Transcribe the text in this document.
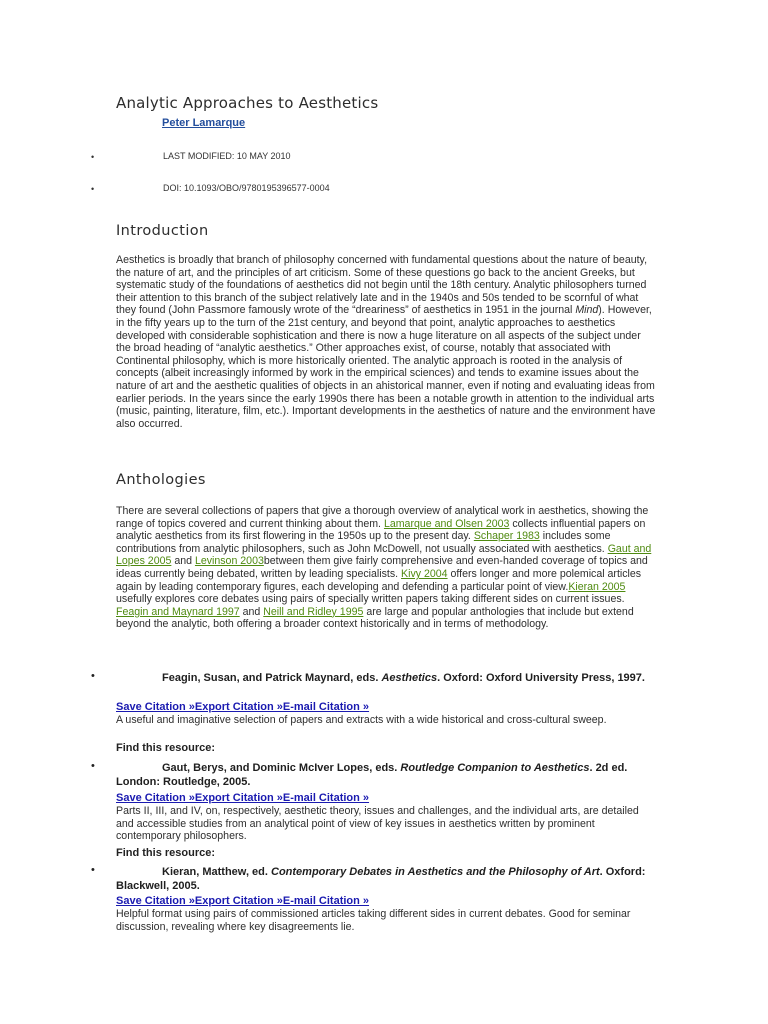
Analytic Approaches to Aesthetics
Peter Lamarque
•	LAST MODIFIED: 10 MAY 2010
•	DOI: 10.1093/OBO/9780195396577-0004
Introduction

Aesthetics is broadly that branch of philosophy concerned with fundamental questions about the nature of beauty, the nature of art, and the principles of art criticism. Some of these questions go back to the ancient Greeks, but systematic study of the foundations of aesthetics did not begin until the 18th century. Analytic philosophers turned their attention to this branch of the subject relatively late and in the 1940s and 50s tended to be scornful of what they found (John Passmore famously wrote of the “dreariness” of aesthetics in 1951 in the journal Mind). However, in the fifty years up to the turn of the 21st century, and beyond that point, analytic approaches to aesthetics developed with considerable sophistication and there is now a huge literature on all aspects of the subject under the broad heading of “analytic aesthetics.” Other approaches exist, of course, notably that associated with Continental philosophy, which is more historically oriented. The analytic approach is rooted in the analysis of concepts (albeit increasingly informed by work in the empirical sciences) and tends to examine issues about the nature of art and the aesthetic qualities of objects in an ahistorical manner, even if noting and evaluating ideas from earlier periods. In the years since the early 1990s there has been a notable growth in attention to the individual arts (music, painting, literature, film, etc.). Important developments in the aesthetics of nature and the environment have also occurred.

Anthologies

There are several collections of papers that give a thorough overview of analytical work in aesthetics, showing the range of topics covered and current thinking about them. Lamarque and Olsen 2003 collects influential papers on analytic aesthetics from its first flowering in the 1950s up to the present day. Schaper 1983 includes some contributions from analytic philosophers, such as John McDowell, not usually associated with aesthetics. Gaut and Lopes 2005 and Levinson 2003between them give fairly comprehensive and even-handed coverage of topics and ideas currently being debated, written by leading specialists. Kivy 2004 offers longer and more polemical articles again by leading contemporary figures, each developing and defending a particular point of view.Kieran 2005 usefully explores core debates using pairs of specially written papers taking different sides on current issues. Feagin and Maynard 1997 and Neill and Ridley 1995 are large and popular anthologies that include but extend beyond the analytic, both offering a broader context historically and in terms of methodology.

•	Feagin, Susan, and Patrick Maynard, eds. Aesthetics. Oxford: Oxford University Press, 1997.
Save Citation »Export Citation »E-mail Citation »
A useful and imaginative selection of papers and extracts with a wide historical and cross-cultural sweep.
Find this resource:
•	Gaut, Berys, and Dominic McIver Lopes, eds. Routledge Companion to Aesthetics. 2d ed. London: Routledge, 2005.
Save Citation »Export Citation »E-mail Citation »
Parts II, III, and IV, on, respectively, aesthetic theory, issues and challenges, and the individual arts, are detailed and accessible studies from an analytical point of view of key issues in aesthetics written by prominent contemporary philosophers.
Find this resource:
•	Kieran, Matthew, ed. Contemporary Debates in Aesthetics and the Philosophy of Art. Oxford: Blackwell, 2005.
Save Citation »Export Citation »E-mail Citation »
Helpful format using pairs of commissioned articles taking different sides in current debates. Good for seminar discussion, revealing where key disagreements lie.
